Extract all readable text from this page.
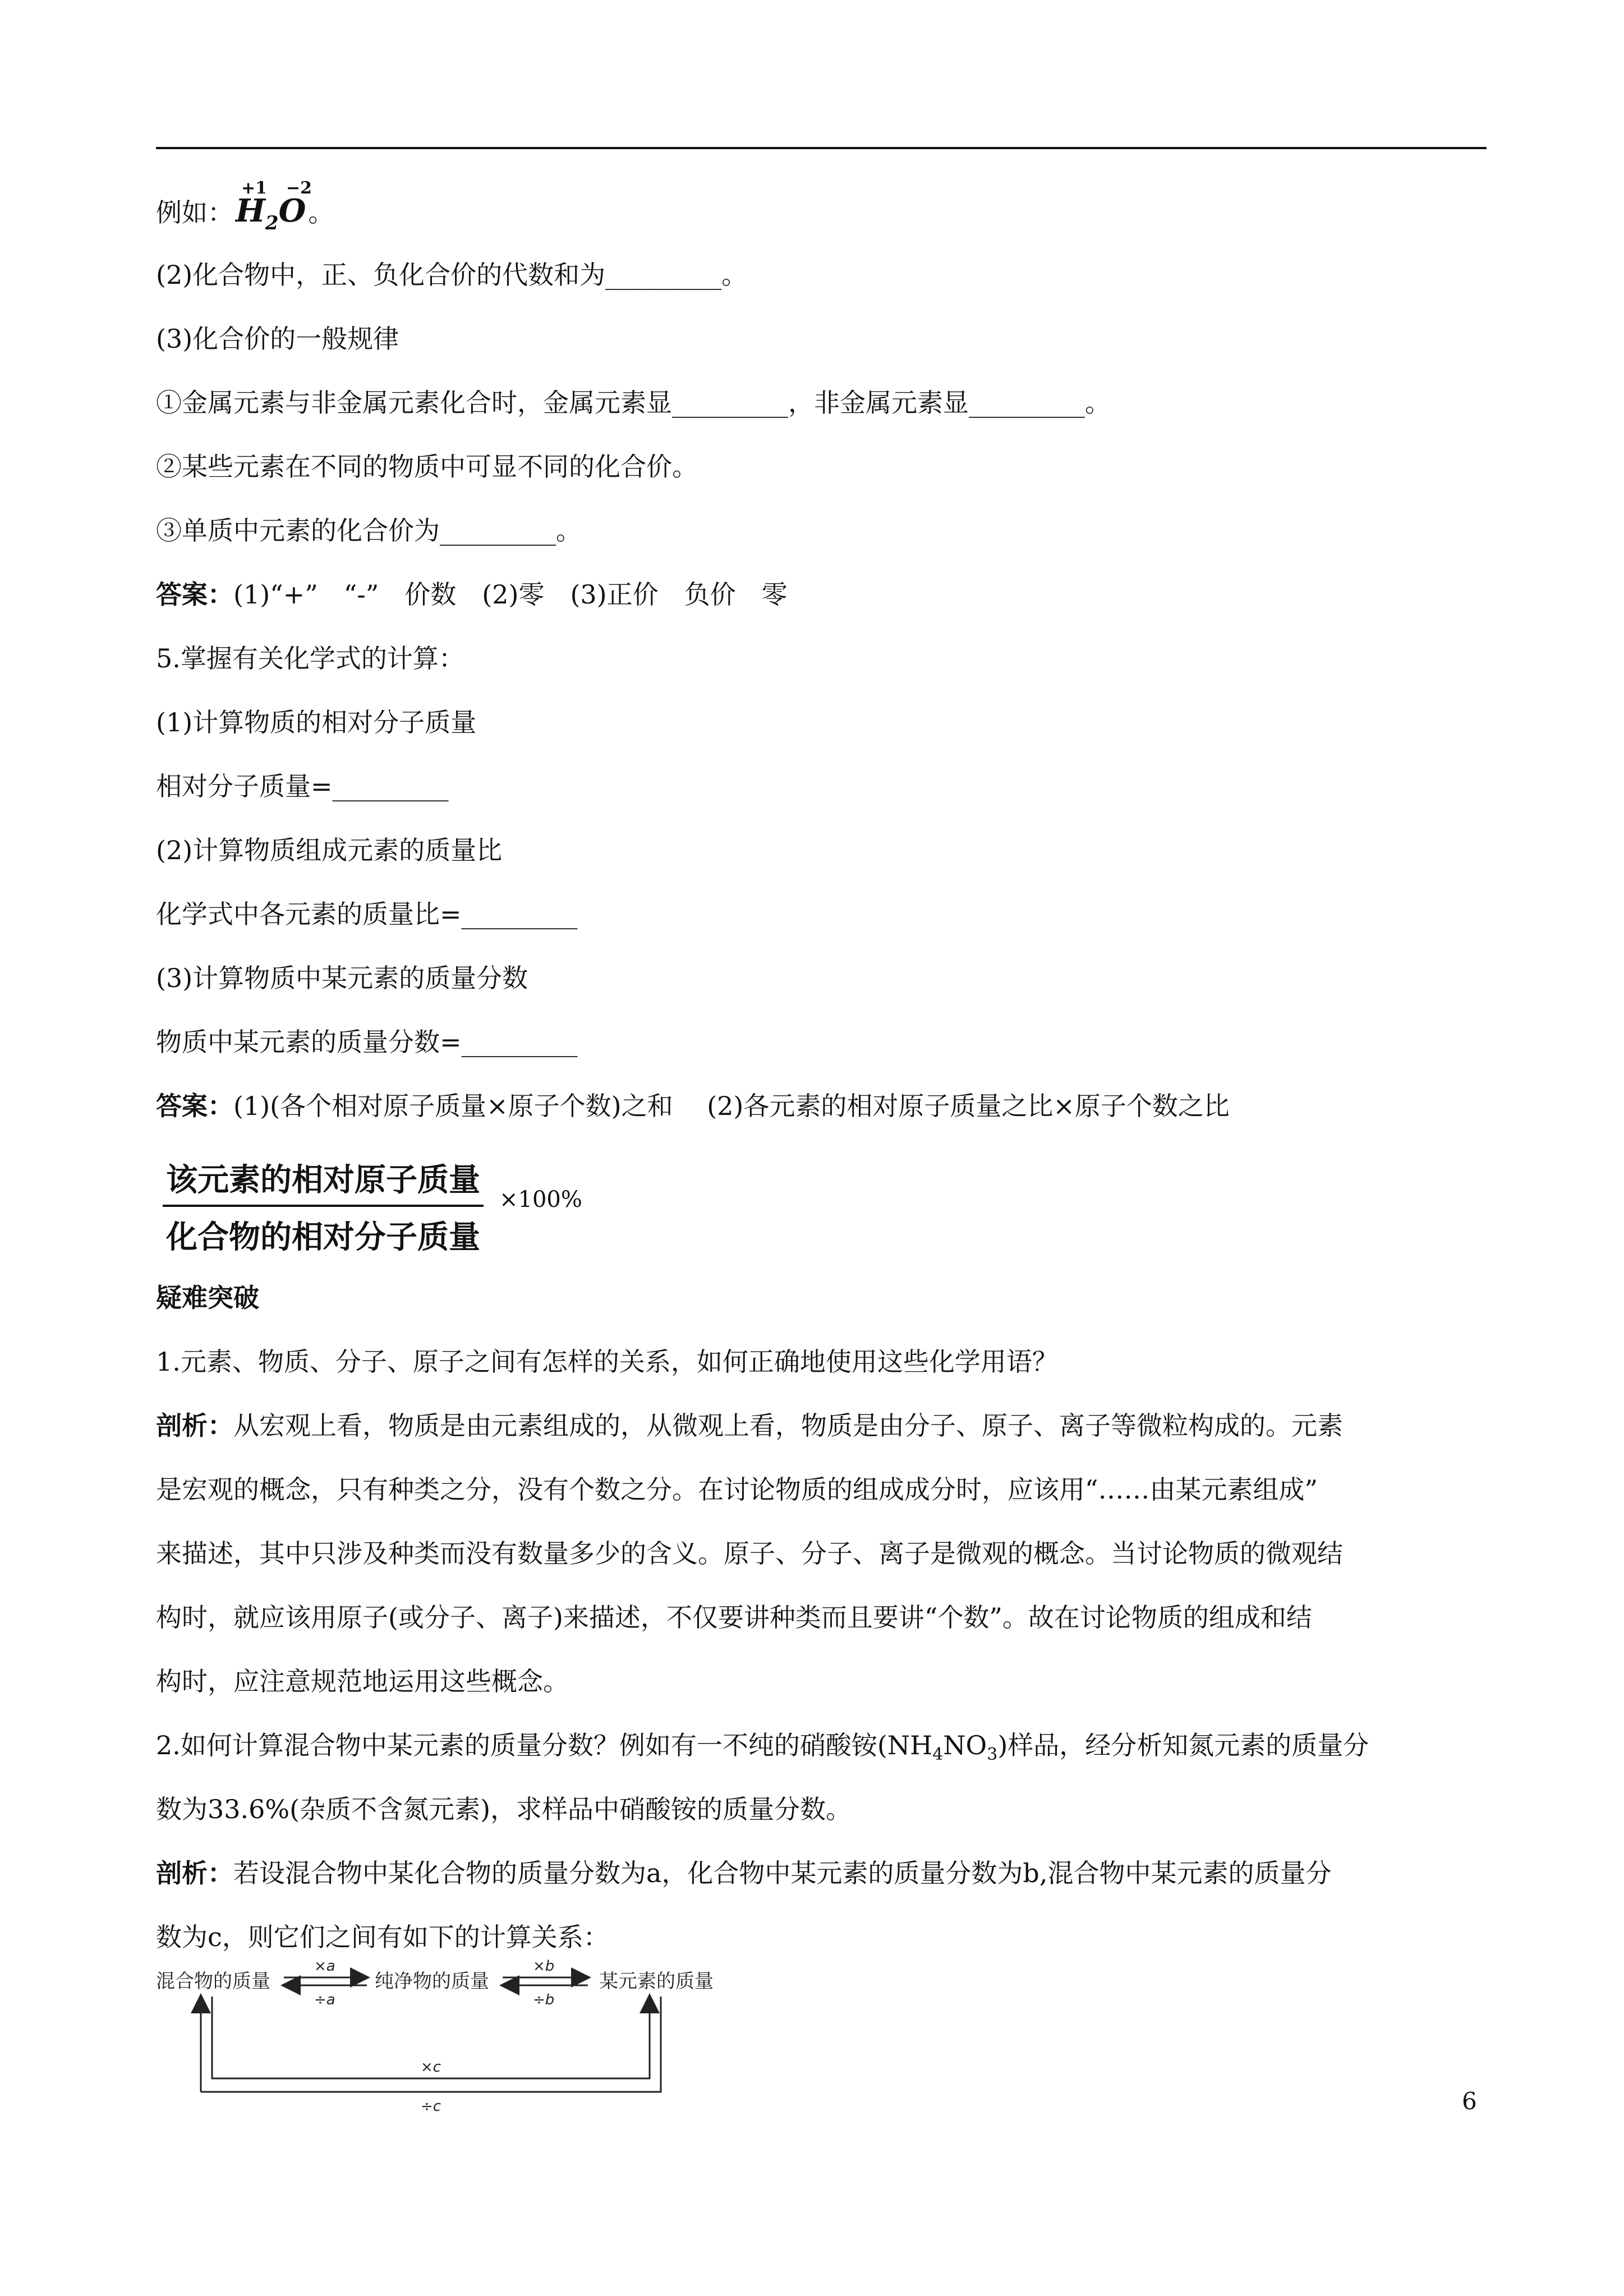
例如：
+1
$H_2$
−2
O。
(2)化合物中，正、负化合价的代数和为_________。
(3)化合价的一般规律
①金属元素与非金属元素化合时，金属元素显_________，非金属元素显_________。
②某些元素在不同的物质中可显不同的化合价。
③单质中元素的化合价为_________。
答案：(1)“+”　“-”　价数　(2)零　(3)正价　负价　零
5.掌握有关化学式的计算：
(1)计算物质的相对分子质量
相对分子质量=_________
(2)计算物质组成元素的质量比
化学式中各元素的质量比=_________
(3)计算物质中某元素的质量分数
物质中某元素的质量分数=_________
答案：(1)(各个相对原子质量×原子个数)之和　 (2)各元素的相对原子质量之比×原子个数之比
该元素的相对原子质量
化合物的相对分子质量
×100%
疑难突破
1.元素、物质、分子、原子之间有怎样的关系，如何正确地使用这些化学用语？
剖析：从宏观上看，物质是由元素组成的，从微观上看，物质是由分子、原子、离子等微粒构成的。元素
是宏观的概念，只有种类之分，没有个数之分。在讨论物质的组成成分时，应该用“……由某元素组成”
来描述，其中只涉及种类而没有数量多少的含义。原子、分子、离子是微观的概念。当讨论物质的微观结
构时，就应该用原子(或分子、离子)来描述，不仅要讲种类而且要讲“个数”。故在讨论物质的组成和结
构时，应注意规范地运用这些概念。
2.如何计算混合物中某元素的质量分数？例如有一不纯的硝酸铵$(NH_4NO_3)$样品，经分析知氮元素的质量分
数为33.6%(杂质不含氮元素)，求样品中硝酸铵的质量分数。
剖析：若设混合物中某化合物的质量分数为a，化合物中某元素的质量分数为b,混合物中某元素的质量分
数为c，则它们之间有如下的计算关系：
混合物的质量	纯净物的质量	某元素的质量
×a
÷a
×b
÷b
×c
÷c	6
